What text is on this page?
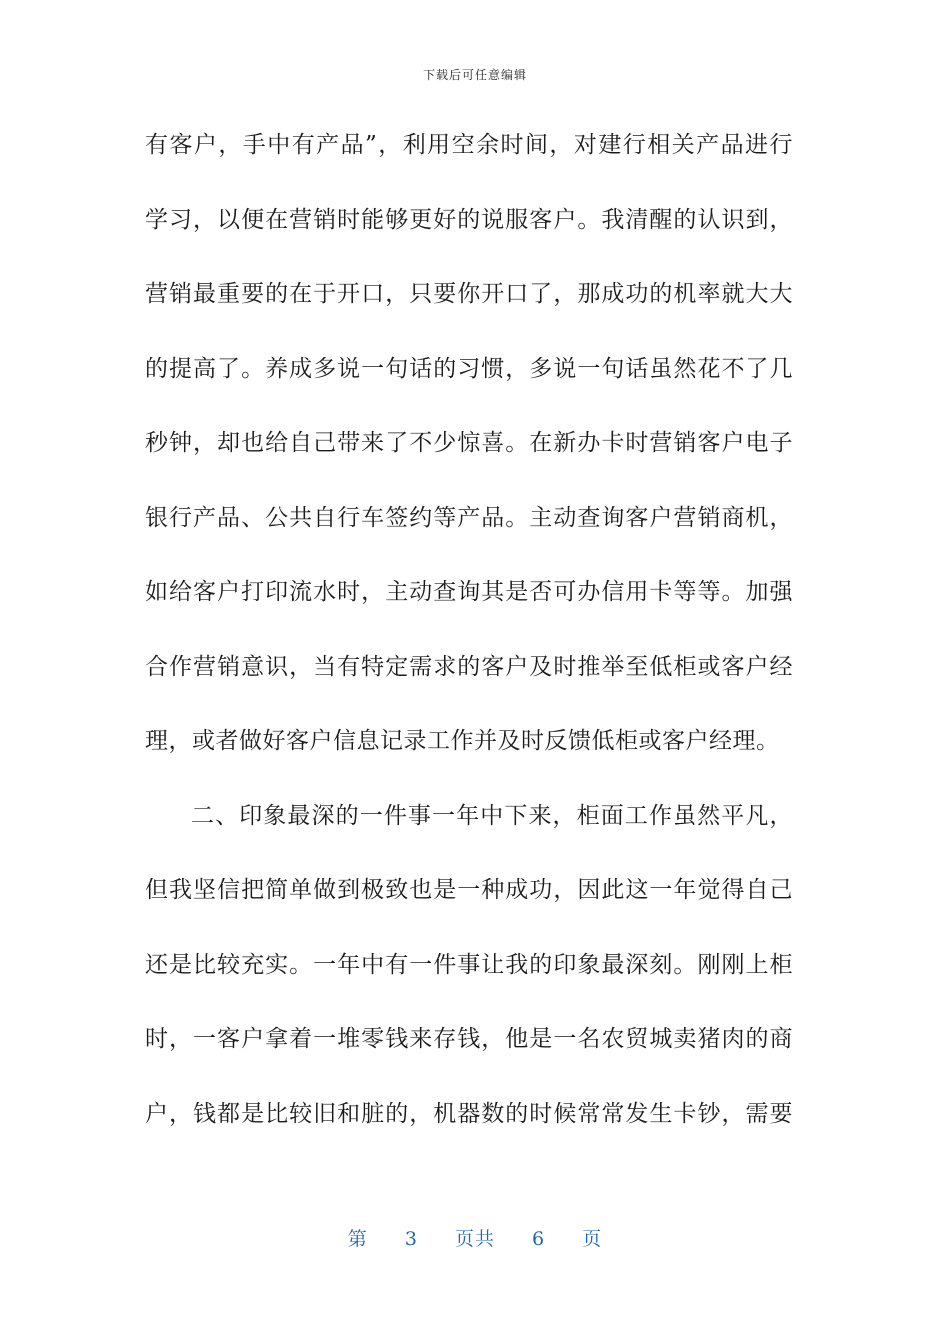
下载后可任意编辑
有客户，手中有产品”，利用空余时间，对建行相关产品进行
学习，以便在营销时能够更好的说服客户。我清醒的认识到，
营销最重要的在于开口，只要你开口了，那成功的机率就大大
的提高了。养成多说一句话的习惯，多说一句话虽然花不了几
秒钟，却也给自己带来了不少惊喜。在新办卡时营销客户电子
银行产品、公共自行车签约等产品。主动查询客户营销商机，
如给客户打印流水时，主动查询其是否可办信用卡等等。加强
合作营销意识，当有特定需求的客户及时推举至低柜或客户经
理，或者做好客户信息记录工作并及时反馈低柜或客户经理。
二、印象最深的一件事一年中下来，柜面工作虽然平凡，
但我坚信把简单做到极致也是一种成功，因此这一年觉得自己
还是比较充实。一年中有一件事让我的印象最深刻。刚刚上柜
时，一客户拿着一堆零钱来存钱，他是一名农贸城卖猪肉的商
户，钱都是比较旧和脏的，机器数的时候常常发生卡钞，需要
第 3 页共 6 页
